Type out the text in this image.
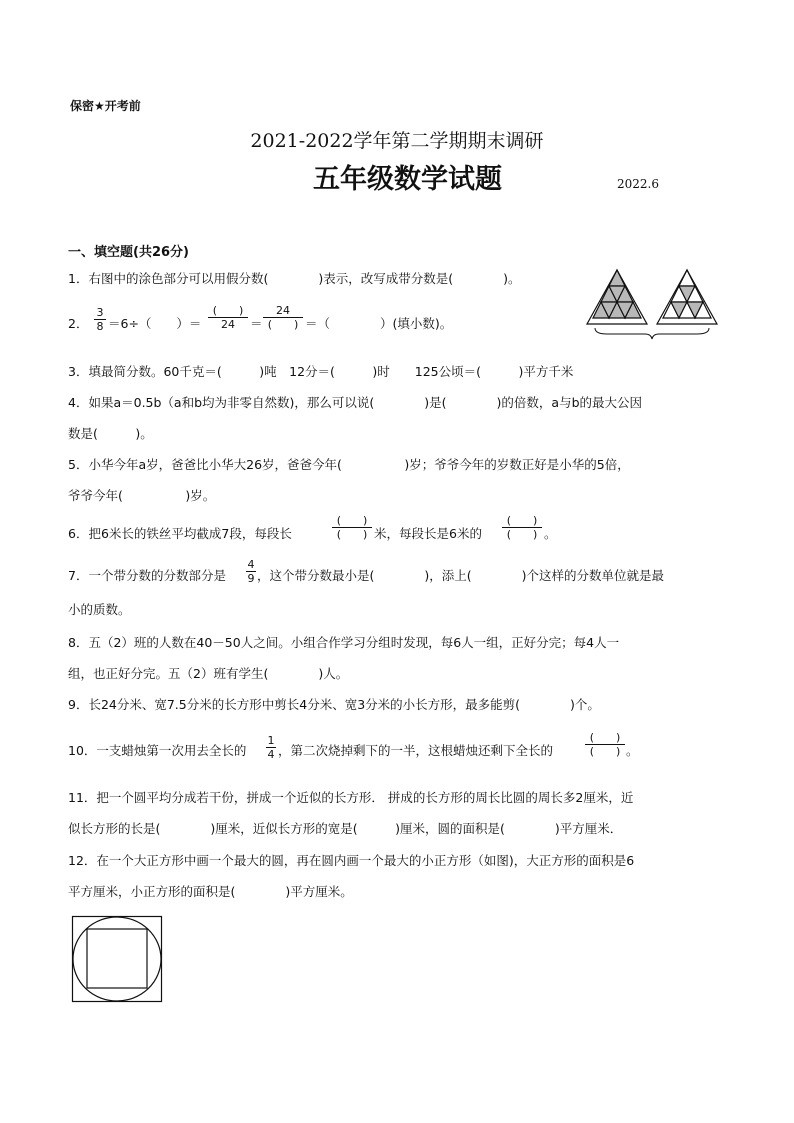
保密★开考前
2021-2022学年第二学期期末调研
五年级数学试题	2022.6
一、填空题(共26分)
1．右图中的涂色部分可以用假分数(　　　　)表示，改写成带分数是(　　　　)。
2．
3
8 ＝6÷（　　）＝
(　　)
24	＝
24
(　　) ＝（　　　　）(填小数)。
3．填最简分数。60千克＝(　　　)吨　12分＝(　　　)时　　125公顷＝(　　　)平方千米
4．如果a＝0.5b（a和b均为非零自然数)，那么可以说(　　　　)是(　　　　)的倍数，a与b的最大公因
数是(　　　)。
5．小华今年a岁，爸爸比小华大26岁，爸爸今年(　　　　　)岁；爷爷今年的岁数正好是小华的5倍，
爷爷今年(　　　　　)岁。
6．把6米长的铁丝平均截成7段，每段长
(　　)
(　　) 米，每段长是6米的
(　　)
(　　) 。
7．一个带分数的分数部分是
4
9 ，这个带分数最小是(　　　　)，添上(　　　　)个这样的分数单位就是最
小的质数。
8．五（2）班的人数在40－50人之间。小组合作学习分组时发现，每6人一组，正好分完；每4人一
组，也正好分完。五（2）班有学生(　　　　)人。
9．长24分米、宽7.5分米的长方形中剪长4分米、宽3分米的小长方形，最多能剪(　　　　)个。
10．一支蜡烛第一次用去全长的
1
4 ，第二次烧掉剩下的一半，这根蜡烛还剩下全长的
(　　)
(　　) 。
11．把一个圆平均分成若干份，拼成一个近似的长方形． 拼成的长方形的周长比圆的周长多2厘米，近
似长方形的长是(　　　　)厘米，近似长方形的宽是(　　　)厘米，圆的面积是(　　　　)平方厘米．
12．在一个大正方形中画一个最大的圆，再在圆内画一个最大的小正方形（如图)，大正方形的面积是6
平方厘米，小正方形的面积是(　　　　)平方厘米。
